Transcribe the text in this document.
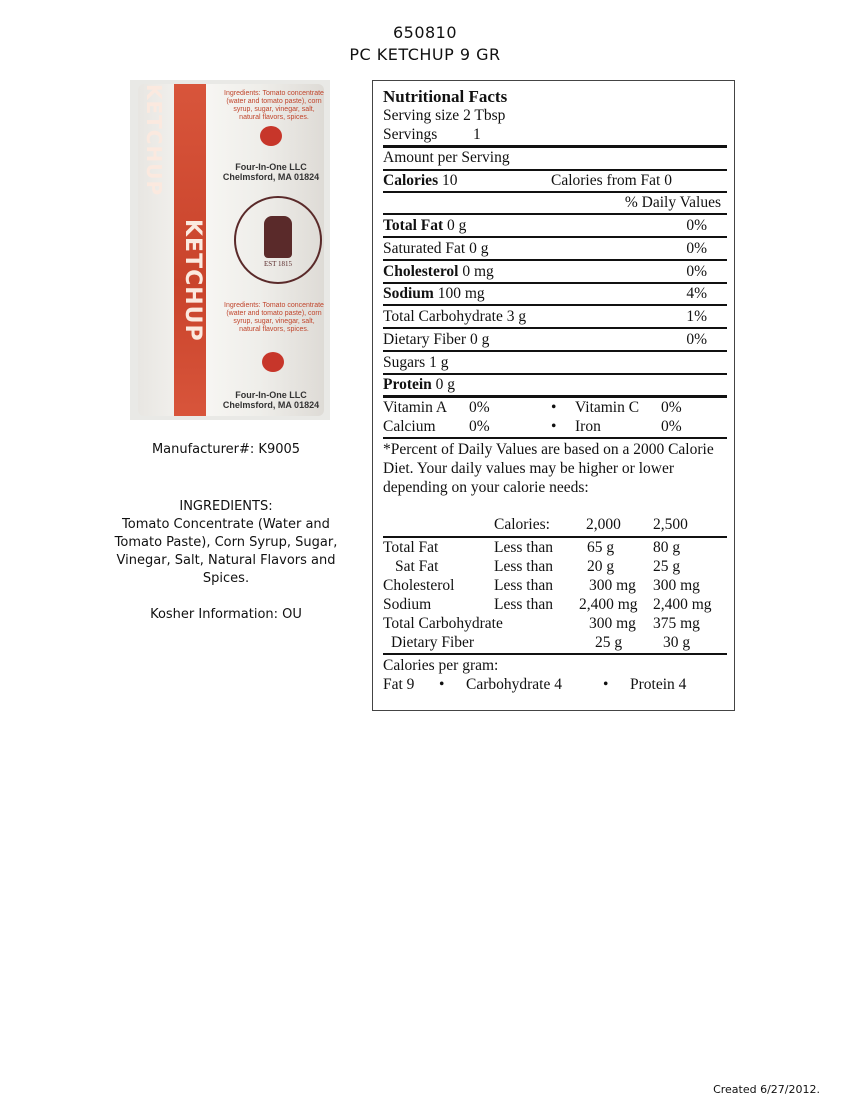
650810
PC KETCHUP 9 GR
KETCHUP
KETCHUP
Ingredients: Tomato concentrate (water and tomato paste), corn syrup, sugar, vinegar, salt, natural flavors, spices.
Four-In-One LLC
Chelmsford, MA 01824
EST 1815
Ingredients: Tomato concentrate (water and tomato paste), corn syrup, sugar, vinegar, salt, natural flavors, spices.
Four-In-One LLC
Chelmsford, MA 01824
Manufacturer#: K9005
INGREDIENTS:
Tomato Concentrate (Water and
Tomato Paste), Corn Syrup, Sugar,
Vinegar, Salt, Natural Flavors and
Spices.
Kosher Information: OU
Nutritional Facts
Serving size 2 Tbsp
Servings 1
Amount per Serving
Calories 10	Calories from Fat 0
% Daily Values
Total Fat 0 g	0%
Saturated Fat 0 g	0%
Cholesterol 0 mg	0%
Sodium 100 mg	4%
Total Carbohydrate 3 g	1%
Dietary Fiber 0 g	0%
Sugars 1 g
Protein 0 g
Vitamin A 0%	• Vitamin C 0%
Calcium 0%	• Iron	0%
*Percent of Daily Values are based on a 2000 Calorie Diet. Your daily values may be higher or lower depending on your calorie needs:
Calories: 2,000 2,500
Total Fat	Less than 65 g	80 g
Sat Fat	Less than 20 g	25 g
Cholesterol	Less than 300 mg 300 mg
Sodium	Less than 2,400 mg 2,400 mg
Total Carbohydrate	300 mg 375 mg
Dietary Fiber	25 g	30 g
Calories per gram:
Fat 9 • Carbohydrate 4	• Protein 4
Created 6/27/2012.
